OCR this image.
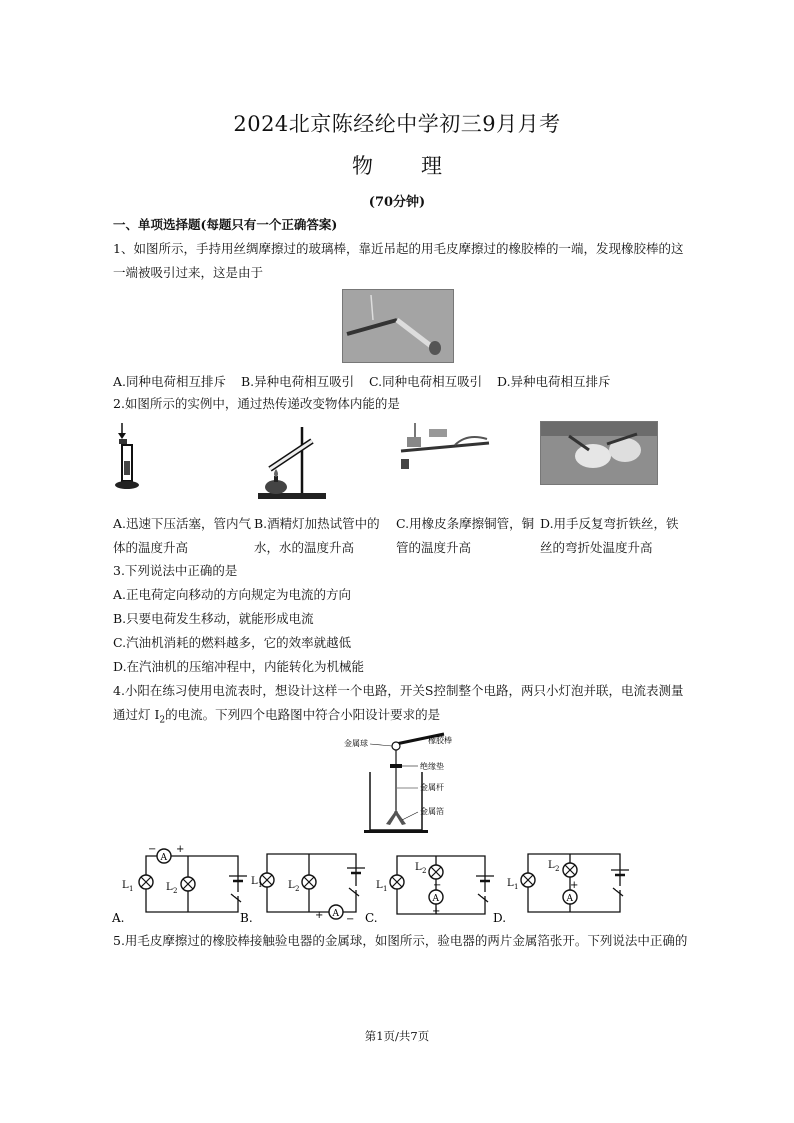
2024北京陈经纶中学初三9月月考
物 理
(70分钟)
一、单项选择题(每题只有一个正确答案)
1、如图所示，手持用丝绸摩擦过的玻璃棒，靠近吊起的用毛皮摩擦过的橡胶棒的一端，发现橡胶棒的这
一端被吸引过来，这是由于
A.同种电荷相互排斥	B.异种电荷相互吸引	C.同种电荷相互吸引	D.异种电荷相互排斥
2.如图所示的实例中，通过热传递改变物体内能的是
A.迅速下压活塞，管内气
体的温度升高
B.酒精灯加热试管中的
水，水的温度升高
C.用橡皮条摩擦铜管，铜
管的温度升高
D.用手反复弯折铁丝，铁
丝的弯折处温度升高
3.下列说法中正确的是
A.正电荷定向移动的方向规定为电流的方向
B.只要电荷发生移动，就能形成电流
C.汽油机消耗的燃料越多，它的效率就越低
D.在汽油机的压缩冲程中，内能转化为机械能
4.小阳在练习使用电流表时，想设计这样一个电路，开关S控制整个电路，两只小灯泡并联，电流表测量
通过灯 $I_2$的电流。下列四个电路图中符合小阳设计要求的是
橡胶棒
金属球
绝缘垫
金属杆
金属箔
A.
A
− +
L 1	L 2
B.	A
+ −
L 1	L 2
C.
A
−
+
L 1
L 2
D.
A
+
L 1
L 2
5.用毛皮摩擦过的橡胶棒接触验电器的金属球，如图所示，验电器的两片金属箔张开。下列说法中正确的
第1页/共7页
